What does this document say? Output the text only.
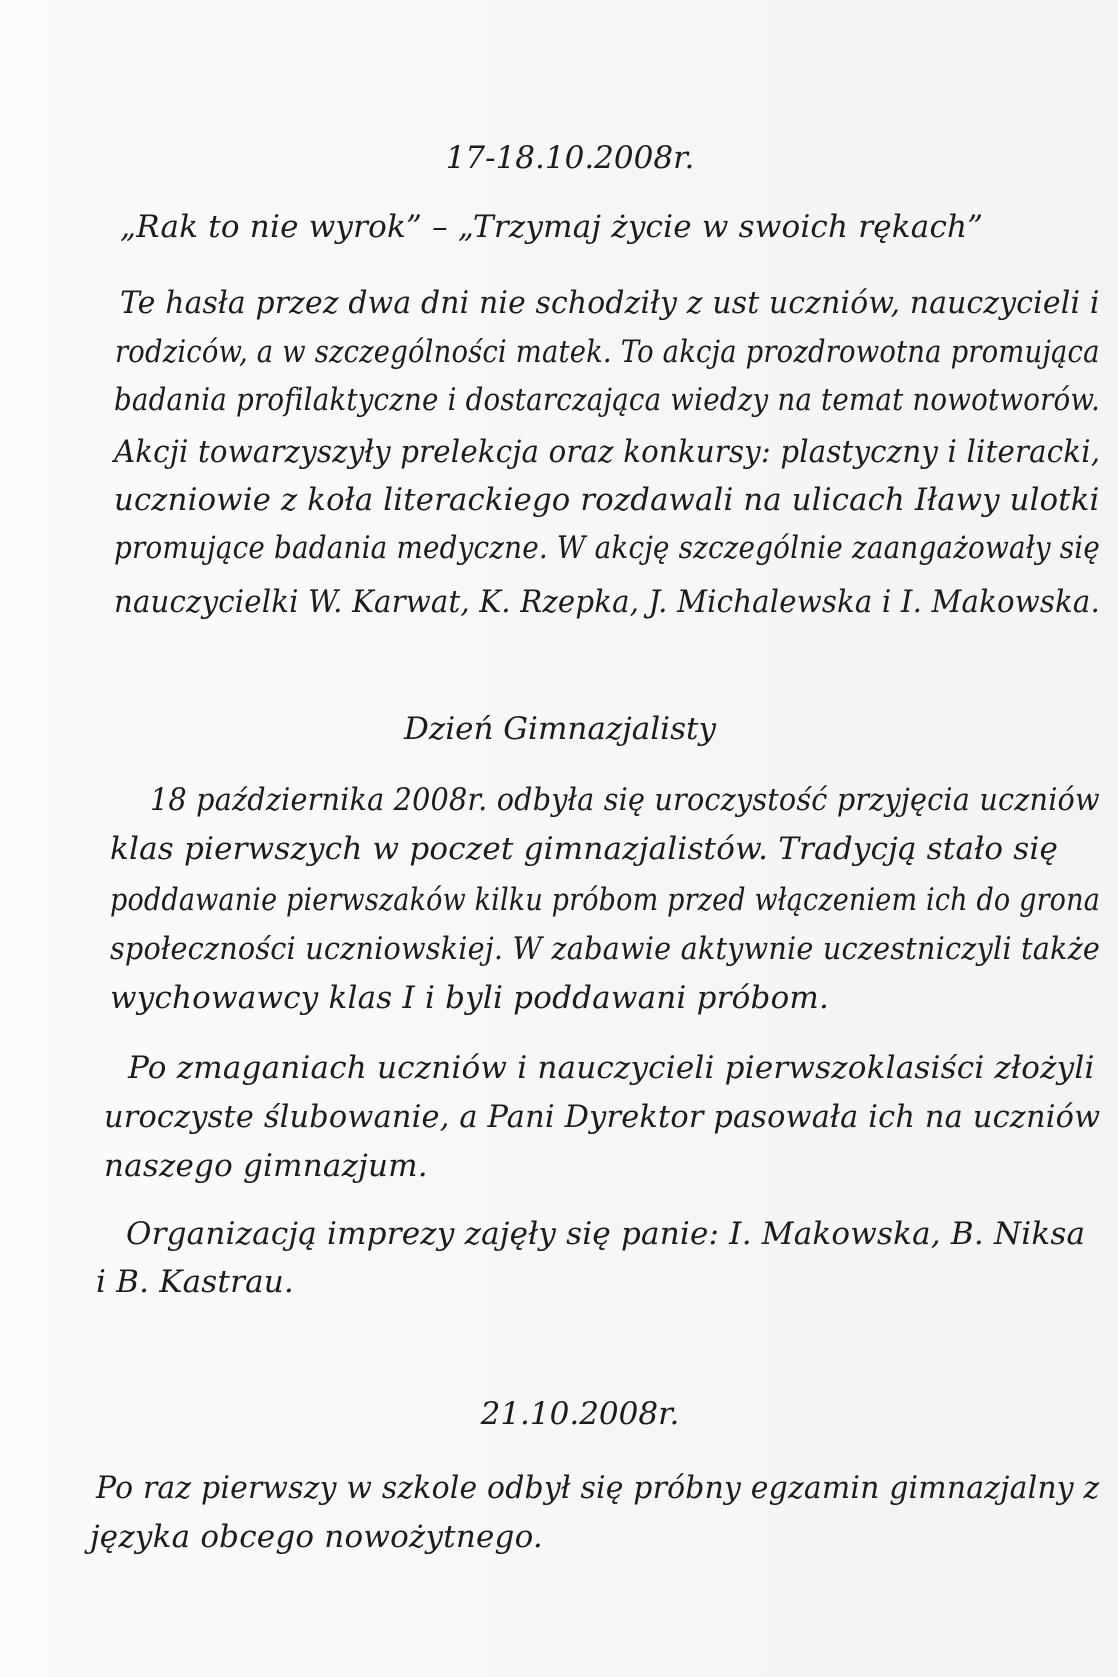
17-18.10.2008r.
„Rak to nie wyrok” – „Trzymaj życie w swoich rękach”
Te hasła przez dwa dni nie schodziły z ust uczniów, nauczycieli i
rodziców, a w szczególności matek. To akcja prozdrowotna promująca
badania profilaktyczne i dostarczająca wiedzy na temat nowotworów.
Akcji towarzyszyły prelekcja oraz konkursy: plastyczny i literacki,
uczniowie z koła literackiego rozdawali na ulicach Iławy ulotki
promujące badania medyczne. W akcję szczególnie zaangażowały się
nauczycielki W. Karwat, K. Rzepka, J. Michalewska i I. Makowska.
Dzień Gimnazjalisty
18 października 2008r. odbyła się uroczystość przyjęcia uczniów
klas pierwszych w poczet gimnazjalistów. Tradycją stało się
poddawanie pierwszaków kilku próbom przed włączeniem ich do grona
społeczności uczniowskiej. W zabawie aktywnie uczestniczyli także
wychowawcy klas I i byli poddawani próbom.
Po zmaganiach uczniów i nauczycieli pierwszoklasiści złożyli
uroczyste ślubowanie, a Pani Dyrektor pasowała ich na uczniów
naszego gimnazjum.
Organizacją imprezy zajęły się panie: I. Makowska, B. Niksa
i B. Kastrau.
21.10.2008r.
Po raz pierwszy w szkole odbył się próbny egzamin gimnazjalny z
języka obcego nowożytnego.
